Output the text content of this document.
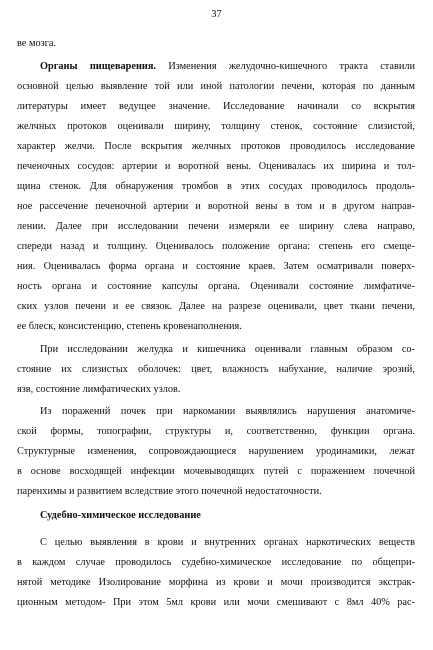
37
ве мозга.
Органы пищеварения. Изменения желудочно-кишечного тракта ставили
основной целью выявление той или иной патологии печени, которая по данным
литературы имеет ведущее значение. Исследование начинали со вскрытия
желчных протоков оценивали ширину, толщину стенок, состояние слизистой,
характер желчи. После вскрытия желчных протоков проводилось исследование
печеночных сосудов: артерии и воротной вены. Оценивалась их ширина и тол-
щина стенок. Для обнаружения тромбов в этих сосудах проводилось продоль-
ное рассечение печеночной артерии и воротной вены в том и в другом направ-
лении. Далее при исследовании печени измеряли ее ширину слева направо,
спереди назад и толщину. Оценивалось положение органа: степень его смеще-
ния. Оценивалась форма органа и состояние краев. Затем осматривали поверх-
ность органа и состояние капсулы органа. Оценивали состояние лимфатиче-
ских узлов печени и ее связок. Далее на разрезе оценивали, цвет ткани печени,
ее блеск, консистенцию, степень кровенаполнения.
При исследовании желудка и кишечника оценивали главным образом со-
стояние их слизистых оболочек: цвет, влажность набухание, наличие эрозий,
язв, состояние лимфатических узлов.
Из поражений почек при наркомании выявлялись нарушения анатомиче-
ской формы, топографии, структуры и, соответственно, функции органа.
Структурные изменения, сопровождающиеся нарушением уродинамики, лежат
в основе восходящей инфекции мочевыводящих путей с поражением почечной
паренхимы и развитием вследствие этого почечной недостаточности.
Судебно-химическое исследование
С целью выявления в крови и внутренних органах наркотических веществ
в каждом случае проводилось судебно-химическое исследование по общепри-
нятой методике Изолирование морфина из крови и мочи производится экстрак-
ционным методом- При этом 5мл крови или мочи смешивают с 8мл 40% рас-
